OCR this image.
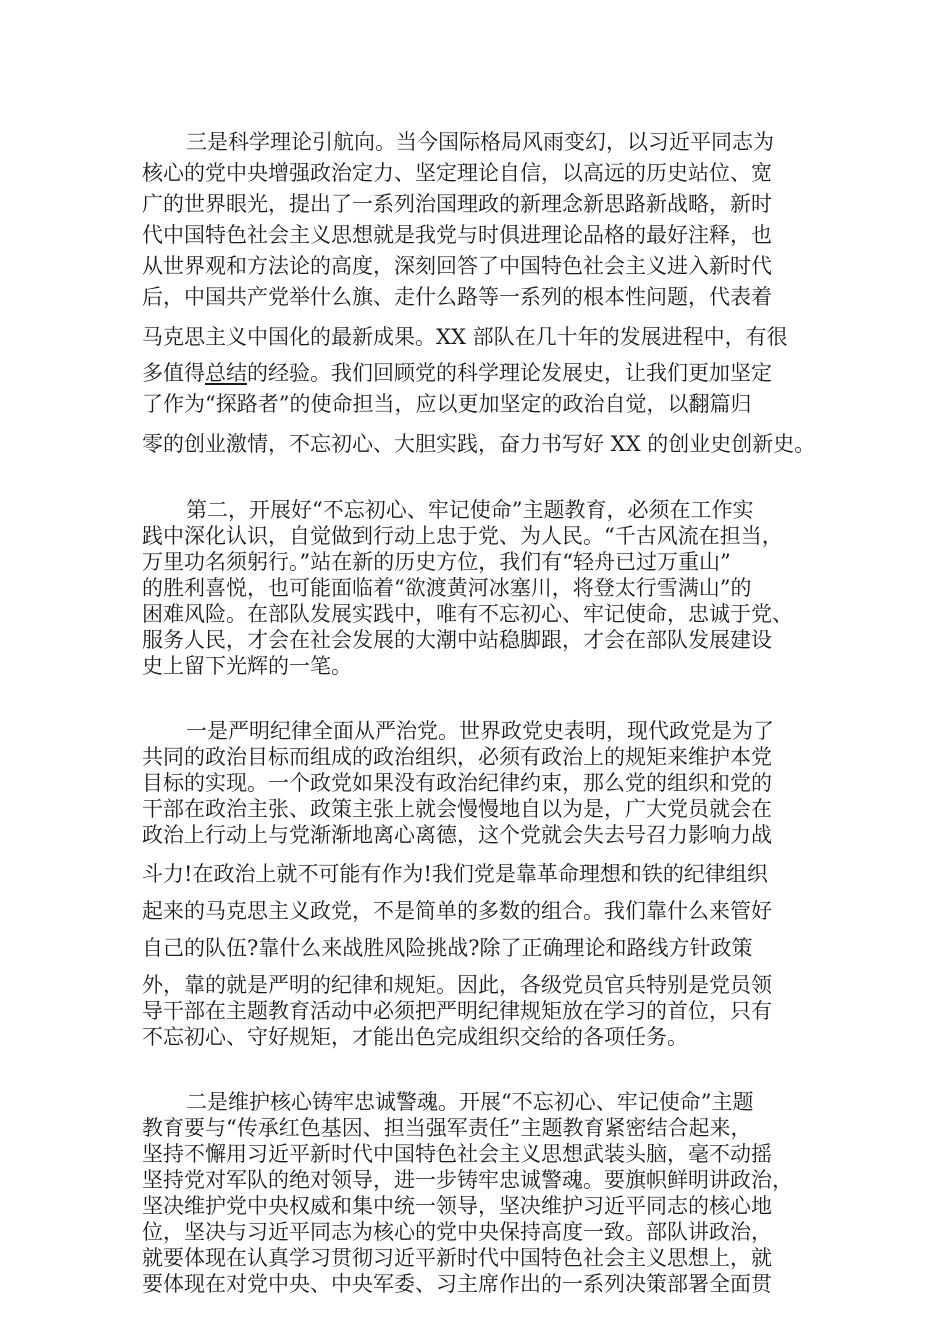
三是科学理论引航向。当今国际格局风雨变幻，以习近平同志为

核心的党中央增强政治定力、坚定理论自信，以高远的历史站位、宽

广的世界眼光，提出了一系列治国理政的新理念新思路新战略，新时

代中国特色社会主义思想就是我党与时俱进理论品格的最好注释，也

从世界观和方法论的高度，深刻回答了中国特色社会主义进入新时代

后，中国共产党举什么旗、走什么路等一系列的根本性问题，代表着

马克思主义中国化的最新成果。XX 部队在几十年的发展进程中，有很

多值得总结的经验。我们回顾党的科学理论发展史，让我们更加坚定

了作为“探路者”的使命担当，应以更加坚定的政治自觉，以翻篇归

零的创业激情，不忘初心、大胆实践，奋力书写好 XX 的创业史创新史。

第二，开展好“不忘初心、牢记使命”主题教育，必须在工作实

践中深化认识，自觉做到行动上忠于党、为人民。“千古风流在担当，

万里功名须躬行。”站在新的历史方位，我们有“轻舟已过万重山”

的胜利喜悦，也可能面临着“欲渡黄河冰塞川，将登太行雪满山”的

困难风险。在部队发展实践中，唯有不忘初心、牢记使命，忠诚于党、

服务人民，才会在社会发展的大潮中站稳脚跟，才会在部队发展建设

史上留下光辉的一笔。

一是严明纪律全面从严治党。世界政党史表明，现代政党是为了

共同的政治目标而组成的政治组织，必须有政治上的规矩来维护本党

目标的实现。一个政党如果没有政治纪律约束，那么党的组织和党的

干部在政治主张、政策主张上就会慢慢地自以为是，广大党员就会在

政治上行动上与党渐渐地离心离德，这个党就会失去号召力影响力战

斗力!在政治上就不可能有作为!我们党是靠革命理想和铁的纪律组织

起来的马克思主义政党，不是简单的多数的组合。我们靠什么来管好

自己的队伍?靠什么来战胜风险挑战?除了正确理论和路线方针政策

外，靠的就是严明的纪律和规矩。因此，各级党员官兵特别是党员领

导干部在主题教育活动中必须把严明纪律规矩放在学习的首位，只有

不忘初心、守好规矩，才能出色完成组织交给的各项任务。

二是维护核心铸牢忠诚警魂。开展“不忘初心、牢记使命”主题

教育要与“传承红色基因、担当强军责任”主题教育紧密结合起来，

坚持不懈用习近平新时代中国特色社会主义思想武装头脑，毫不动摇

坚持党对军队的绝对领导，进一步铸牢忠诚警魂。要旗帜鲜明讲政治，

坚决维护党中央权威和集中统一领导，坚决维护习近平同志的核心地

位，坚决与习近平同志为核心的党中央保持高度一致。部队讲政治，

就要体现在认真学习贯彻习近平新时代中国特色社会主义思想上，就

要体现在对党中央、中央军委、习主席作出的一系列决策部署全面贯
